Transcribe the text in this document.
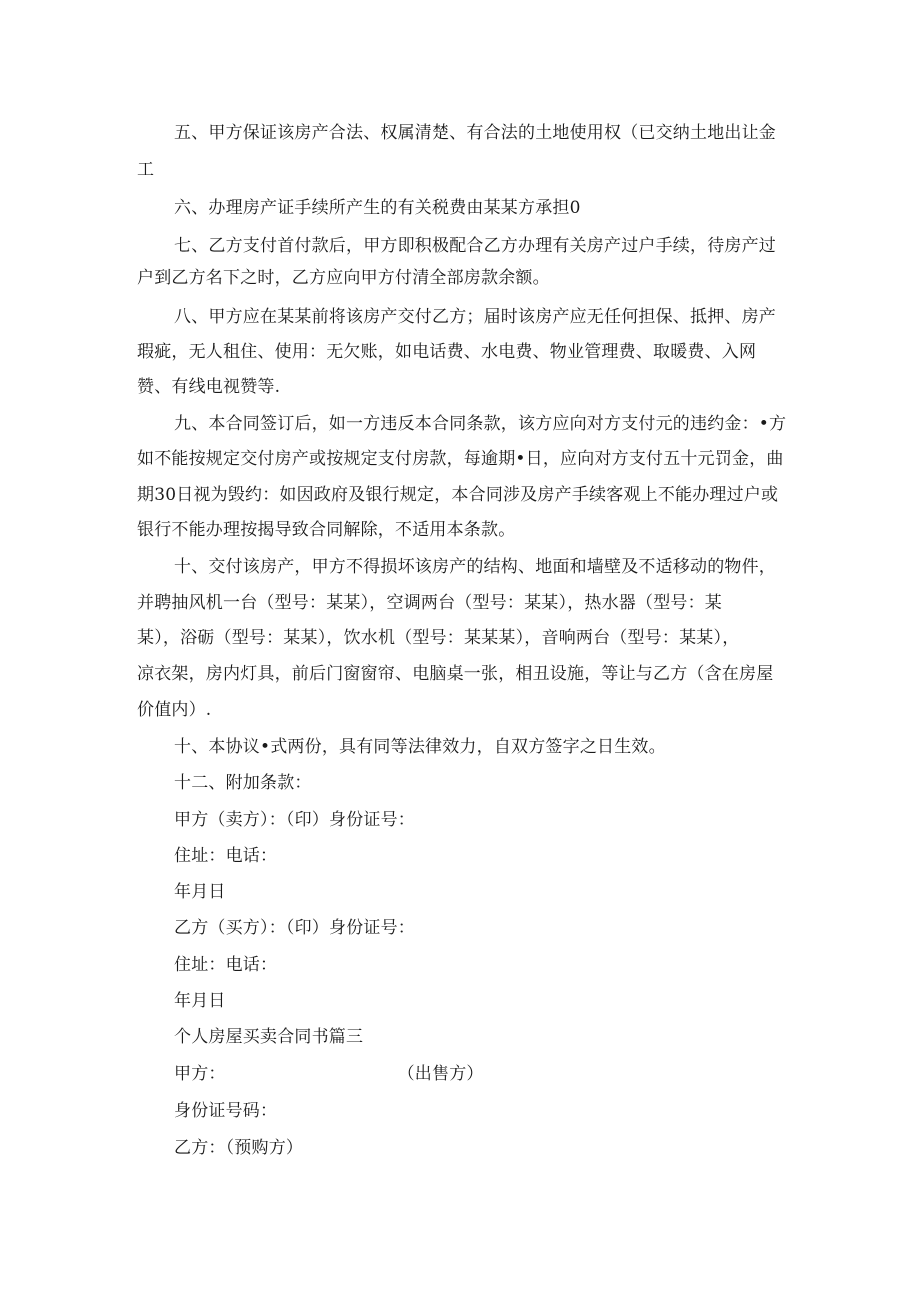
五、甲方保证该房产合法、权属清楚、有合法的土地使用权（已交纳土地出让金
工
六、办理房产证手续所产生的有关税费由某某方承担0
七、乙方支付首付款后，甲方即积极配合乙方办理有关房产过户手续，待房产过
户到乙方名下之时，乙方应向甲方付清全部房款余额。
八、甲方应在某某前将该房产交付乙方；届时该房产应无任何担保、抵押、房产
瑕疵，无人租住、使用：无欠账，如电话费、水电费、物业管理费、取暖费、入网
赞、有线电视赞等.
九、本合同签订后，如一方违反本合同条款，该方应向对方支付元的违约金：•方
如不能按规定交付房产或按规定支付房款，每逾期•日，应向对方支付五十元罚金，曲
期30日视为毁约：如因政府及银行规定，本合同涉及房产手续客观上不能办理过户或
银行不能办理按揭导致合同解除，不适用本条款。
十、交付该房产，甲方不得损坏该房产的结构、地面和墙壁及不适移动的物件，
并聘抽风机一台（型号：某某），空调两台（型号：某某），热水器（型号：某
某），浴砺（型号：某某），饮水机（型号：某某某），音响两台（型号：某某），
凉衣架，房内灯具，前后门窗窗帘、电脑桌一张，相丑设施，等让与乙方（含在房屋
价值内）.
十、本协议•式两份，具有同等法律效力，自双方签字之日生效。
十二、附加条款：
甲方（卖方）：（印）身份证号：
住址：电话：
年月日
乙方（买方）：（印）身份证号：
住址：电话：
年月日
个人房屋买卖合同书篇三
甲方：	（出售方）
身份证号码：
乙方：（预购方）
